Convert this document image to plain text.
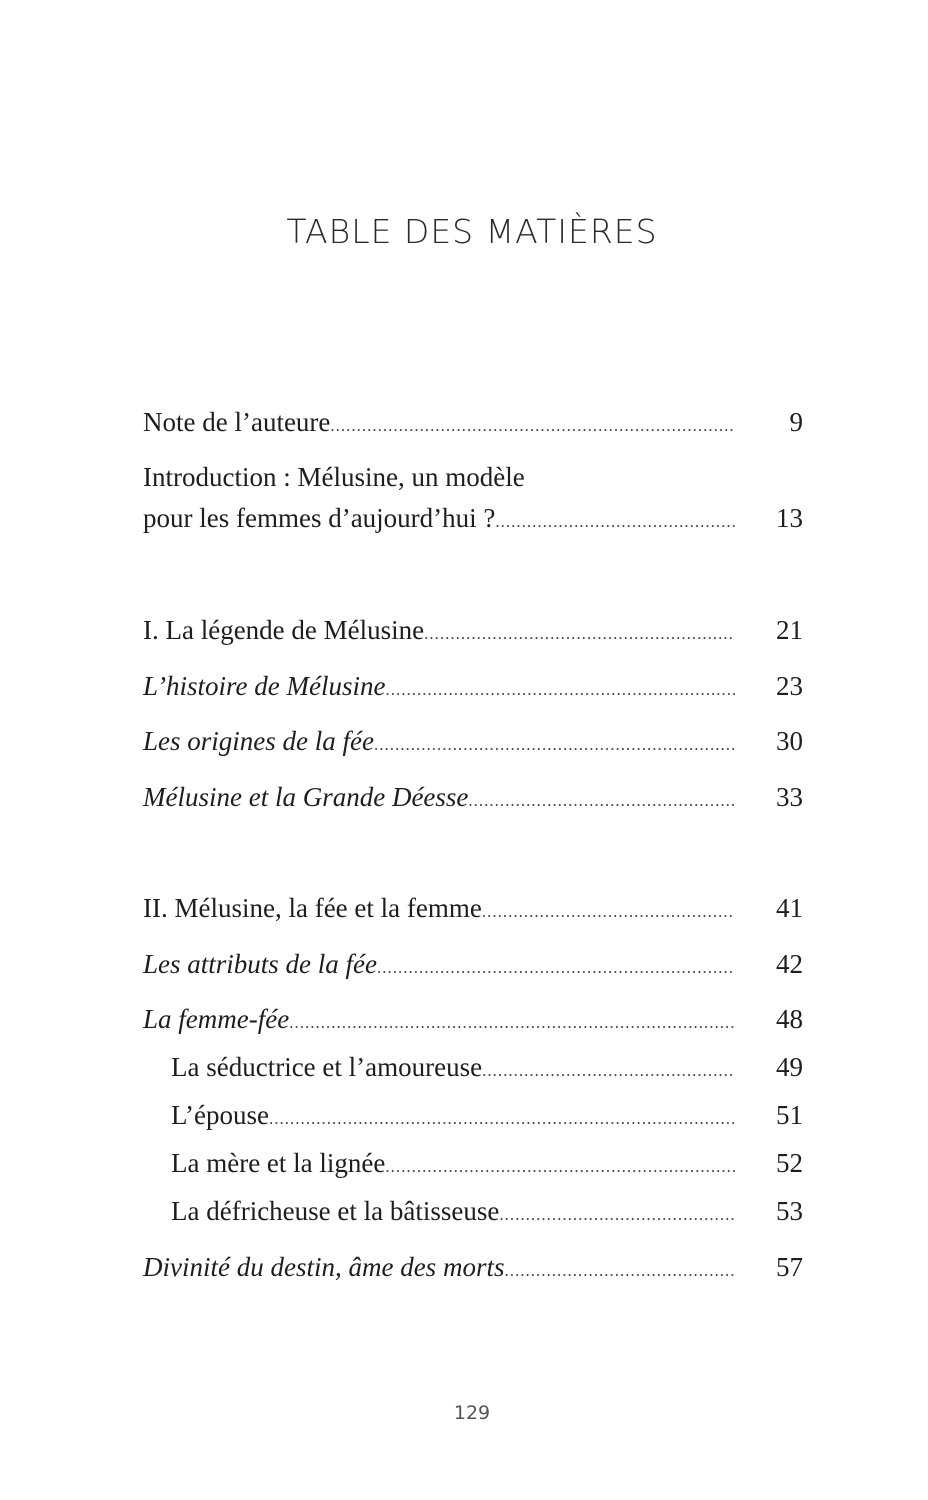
TABLE DES MATIÈRES
Note de l’auteure .....	9
Introduction : Mélusine, un modèle
pour les femmes d’aujourd’hui ? .....	13
I. La légende de Mélusine .....	21
L’histoire de Mélusine .....	23
Les origines de la fée .....	30
Mélusine et la Grande Déesse .....	33
II. Mélusine, la fée et la femme .....	41
Les attributs de la fée .....	42
La femme-fée .....	48
La séductrice et l’amoureuse .....	49
L’épouse .....	51
La mère et la lignée .....	52
La défricheuse et la bâtisseuse .....	53
Divinité du destin, âme des morts .....	57
129
